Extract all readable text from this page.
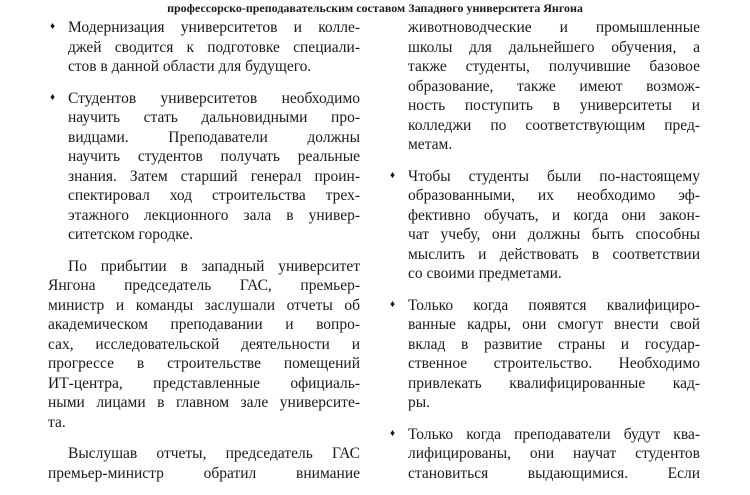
профессорско-преподавательским составом Западного университета Янгона
♦ Модернизация университетов и колле-
джей сводится к подготовке специали-
стов в данной области для будущего.
♦ Студентов университетов необходимо
научить стать дальновидными про-
видцами. Преподаватели должны
научить студентов получать реальные
знания. Затем старший генерал проин-
спектировал ход строительства трех-
этажного лекционного зала в универ-
ситетском городке.
По прибытии в западный университет
Янгона председатель ГАС, премьер-
министр и команды заслушали отчеты об
академическом преподавании и вопро-
сах, исследовательской деятельности и
прогрессе в строительстве помещений
ИТ-центра, представленные официаль-
ными лицами в главном зале университе-
та.
Выслушав отчеты, председатель ГАС
премьер-министр обратил внимание
животноводческие и промышленные
школы для дальнейшего обучения, а
также студенты, получившие базовое
образование, также имеют возмож-
ность поступить в университеты и
колледжи по соответствующим пред-
метам.
♦ Чтобы студенты были по-настоящему
образованными, их необходимо эф-
фективно обучать, и когда они закон-
чат учебу, они должны быть способны
мыслить и действовать в соответствии
со своими предметами.
♦ Только когда появятся квалифициро-
ванные кадры, они смогут внести свой
вклад в развитие страны и государ-
ственное строительство. Необходимо
привлекать квалифицированные кад-
ры.
♦ Только когда преподаватели будут ква-
лифицированы, они научат студентов
становиться выдающимися. Если
